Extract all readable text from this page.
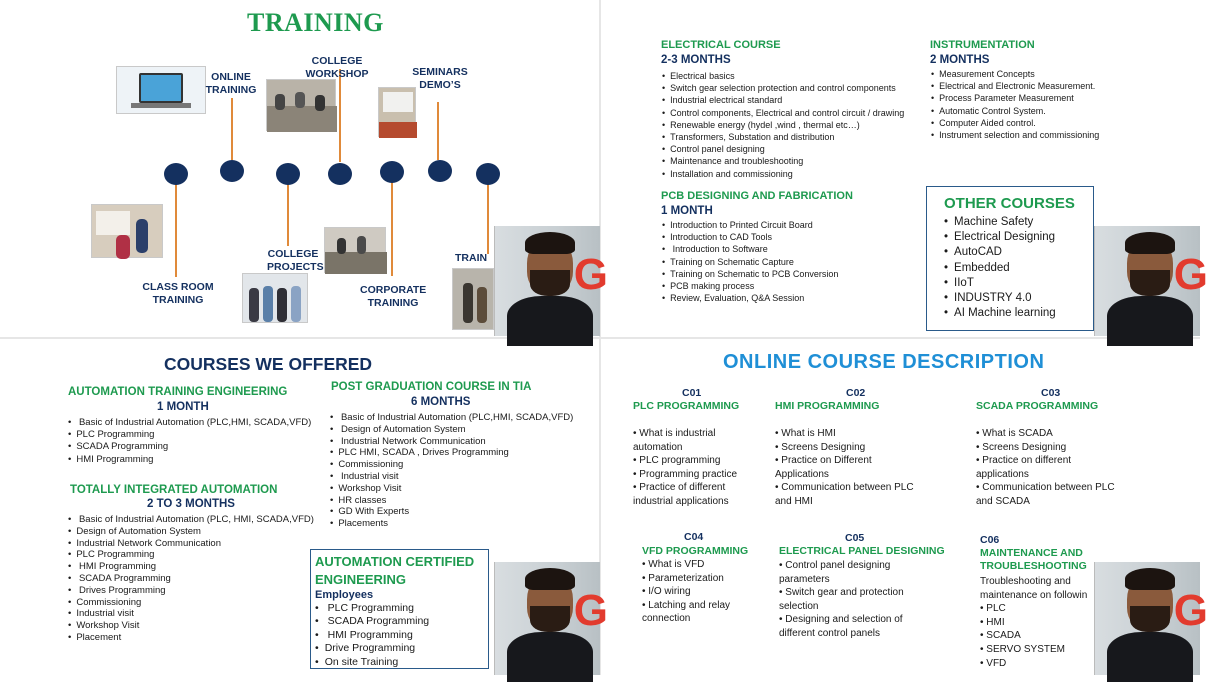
TRAINING
ONLINE
TRAINING
COLLEGE WORKSHOP	SEMINARS
DEMO’S
CLASS ROOM
TRAINING
COLLEGE
PROJECTS
CORPORATE
TRAINING
TRAIN G
ELECTRICAL COURSE
2-3 MONTHS
• Electrical basics
• Switch gear selection protection and control components
• Industrial electrical standard
• Control components, Electrical and control circuit / drawing
• Renewable energy (hydel ,wind , thermal etc…)
• Transformers, Substation and distribution
• Control panel designing
• Maintenance and troubleshooting
• Installation and commissioning
INSTRUMENTATION
2 MONTHS
• Measurement Concepts
• Electrical and Electronic Measurement.
• Process Parameter Measurement
• Automatic Control System.
• Computer Aided control.
• Instrument selection and commissioning
PCB DESIGNING AND FABRICATION
1 MONTH
• Introduction to Printed Circuit Board
• Introduction to CAD Tools
• Introduction to Software
• Training on Schematic Capture
• Training on Schematic to PCB Conversion
• PCB making process
• Review, Evaluation, Q&A Session
OTHER COURSES
• Machine Safety
• Electrical Designing
• AutoCAD
• Embedded
• IIoT
• INDUSTRY 4.0
• AI Machine learning
G
COURSES WE OFFERED
AUTOMATION TRAINING ENGINEERING
1 MONTH
• Basic of Industrial Automation (PLC,HMI, SCADA,VFD)
• PLC Programming
• SCADA Programming
• HMI Programming
TOTALLY INTEGRATED AUTOMATION
2 TO 3 MONTHS
• Basic of Industrial Automation (PLC, HMI, SCADA,VFD)
• Design of Automation System
• Industrial Network Communication
• PLC Programming
• HMI Programming
• SCADA Programming
• Drives Programming
• Commissioning
• Industrial visit
• Workshop Visit
• Placement
POST GRADUATION COURSE IN TIA
6 MONTHS
• Basic of Industrial Automation (PLC,HMI, SCADA,VFD)
• Design of Automation System
• Industrial Network Communication
• PLC HMI, SCADA , Drives Programming
• Commissioning
• Industrial visit
• Workshop Visit
• HR classes
• GD With Experts
• Placements
AUTOMATION CERTIFIED
ENGINEERING
Employees
• PLC Programming
• SCADA Programming
• HMI Programming
• Drive Programming
• On site Training
G
ONLINE COURSE DESCRIPTION
C01
PLC PROGRAMMING
• What is industrial
automation
• PLC programming
• Programming practice
• Practice of different
industrial applications
C02
HMI PROGRAMMING
• What is HMI
• Screens Designing
• Practice on Different
Applications
• Communication between PLC
and HMI
C03
SCADA PROGRAMMING
• What is SCADA
• Screens Designing
• Practice on different
applications
• Communication between PLC
and SCADA
C04
VFD PROGRAMMING
• What is VFD
• Parameterization
• I/O wiring
• Latching and relay
connection
C05
ELECTRICAL PANEL DESIGNING
• Control panel designing
parameters
• Switch gear and protection
selection
• Designing and selection of
different control panels
C06
MAINTENANCE AND
TROUBLESHOOTING
Troubleshooting and
maintenance on followin
• PLC
• HMI
• SCADA
• SERVO SYSTEM
• VFD
G
